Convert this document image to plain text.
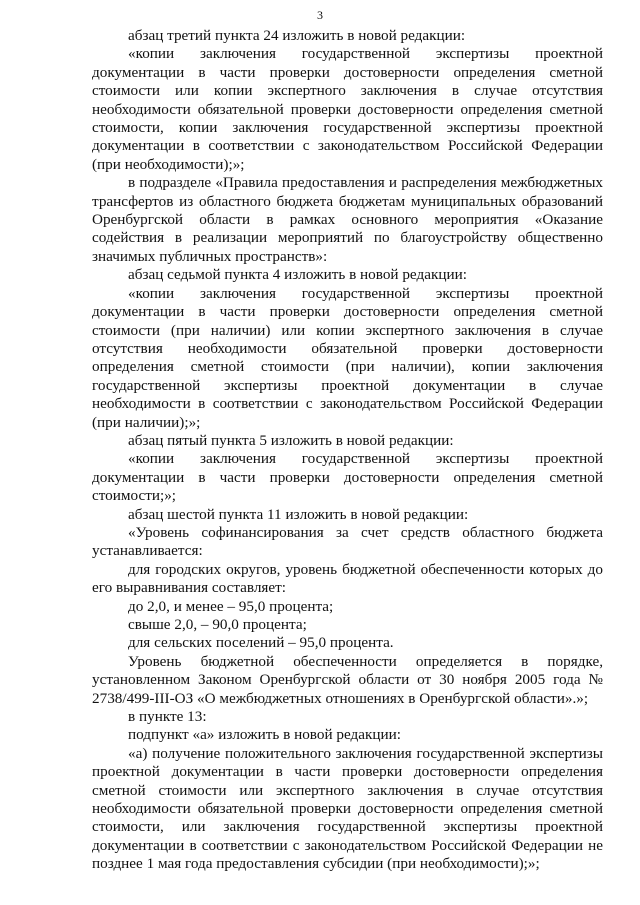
3

абзац третий пункта 24 изложить в новой редакции:

«копии заключения государственной экспертизы проектной документации в части проверки достоверности определения сметной стоимости или копии экспертного заключения в случае отсутствия необходимости обязательной проверки достоверности определения сметной стоимости, копии заключения государственной экспертизы проектной документации в соответствии с законодательством Российской Федерации (при необходимости);»;

в подразделе «Правила предоставления и распределения межбюджетных трансфертов из областного бюджета бюджетам муниципальных образований Оренбургской области в рамках основного мероприятия «Оказание содействия в реализации мероприятий по благоустройству общественно значимых публичных пространств»:

абзац седьмой пункта 4 изложить в новой редакции:

«копии заключения государственной экспертизы проектной документации в части проверки достоверности определения сметной стоимости (при наличии) или копии экспертного заключения в случае отсутствия необходимости обязательной проверки достоверности определения сметной стоимости (при наличии), копии заключения государственной экспертизы проектной документации в случае необходимости в соответствии с законодательством Российской Федерации (при наличии);»;

абзац пятый пункта 5 изложить в новой редакции:

«копии заключения государственной экспертизы проектной документации в части проверки достоверности определения сметной стоимости;»;

абзац шестой пункта 11 изложить в новой редакции:

«Уровень софинансирования за счет средств областного бюджета устанавливается:

для городских округов, уровень бюджетной обеспеченности которых до его выравнивания составляет:

до 2,0, и менее – 95,0 процента;

свыше 2,0, – 90,0 процента;

для сельских поселений – 95,0 процента.

Уровень бюджетной обеспеченности определяется в порядке, установленном Законом Оренбургской области от 30 ноября 2005 года № 2738/499-III-ОЗ «О межбюджетных отношениях в Оренбургской области».»;

в пункте 13:

подпункт «а» изложить в новой редакции:

«а) получение положительного заключения государственной экспертизы проектной документации в части проверки достоверности определения сметной стоимости или экспертного заключения в случае отсутствия необходимости обязательной проверки достоверности определения сметной стоимости, или заключения государственной экспертизы проектной документации в соответствии с законодательством Российской Федерации не позднее 1 мая года предоставления субсидии (при необходимости);»;
